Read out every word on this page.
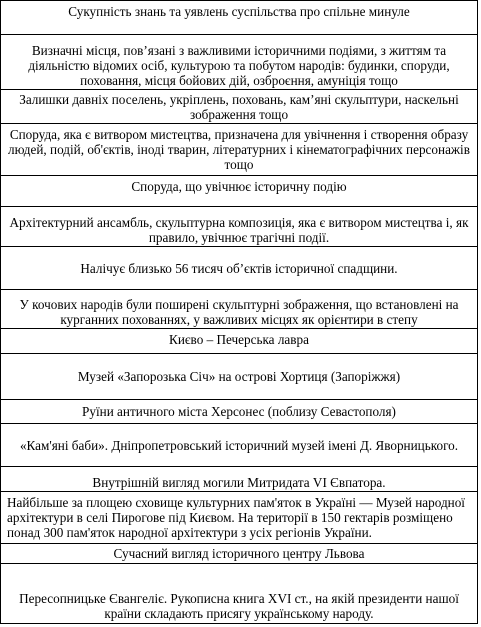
Сукупність знань та уявлень суспільства про спільне минуле
Визначні місця, пов’язані з важливими історичними подіями, з життям та діяльністю відомих осіб, культурою та побутом народів: будинки, споруди, поховання, місця бойових дій, озброєння, амуніція тощо
Залишки давніх поселень, укріплень, поховань, кам’яні скульптури, наскельні зображення тощо
Споруда, яка є витвором мистецтва, призначена для увічнення і створення образу людей, подій, об'єктів, іноді тварин, літературних і кінематографічних персонажів тощо
Споруда, що увічнює історичну подію
Архітектурний ансамбль, скульптурна композиція, яка є витвором мистецтва і, як правило, увічнює трагічні події.
Налічує близько 56 тисяч об’єктів історичної спадщини.
У кочових народів були поширені скульптурні зображення, що встановлені на курганних похованнях, у важливих місцях як орієнтири в степу
Києво – Печерська лавра
Музей «Запорозька Січ» на острові Хортиця (Запоріжжя)
Руїни античного міста Херсонес (поблизу Севастополя)
«Кам'яні баби». Дніпропетровський історичний музей імені Д. Яворницького.
Внутрішній вигляд могили Митридата VI Євпатора.
Найбільше за площею сховище культурних пам'яток в Україні — Музей народної архітектури в селі Пирогове під Києвом. На території в 150 гектарів розміщено понад 300 пам'яток народної архітектури з усіх регіонів України.
Сучасний вигляд історичного центру Львова
Пересопницьке Євангеліє. Рукописна книга XVI ст., на якій президенти нашої країни складають присягу українському народу.
